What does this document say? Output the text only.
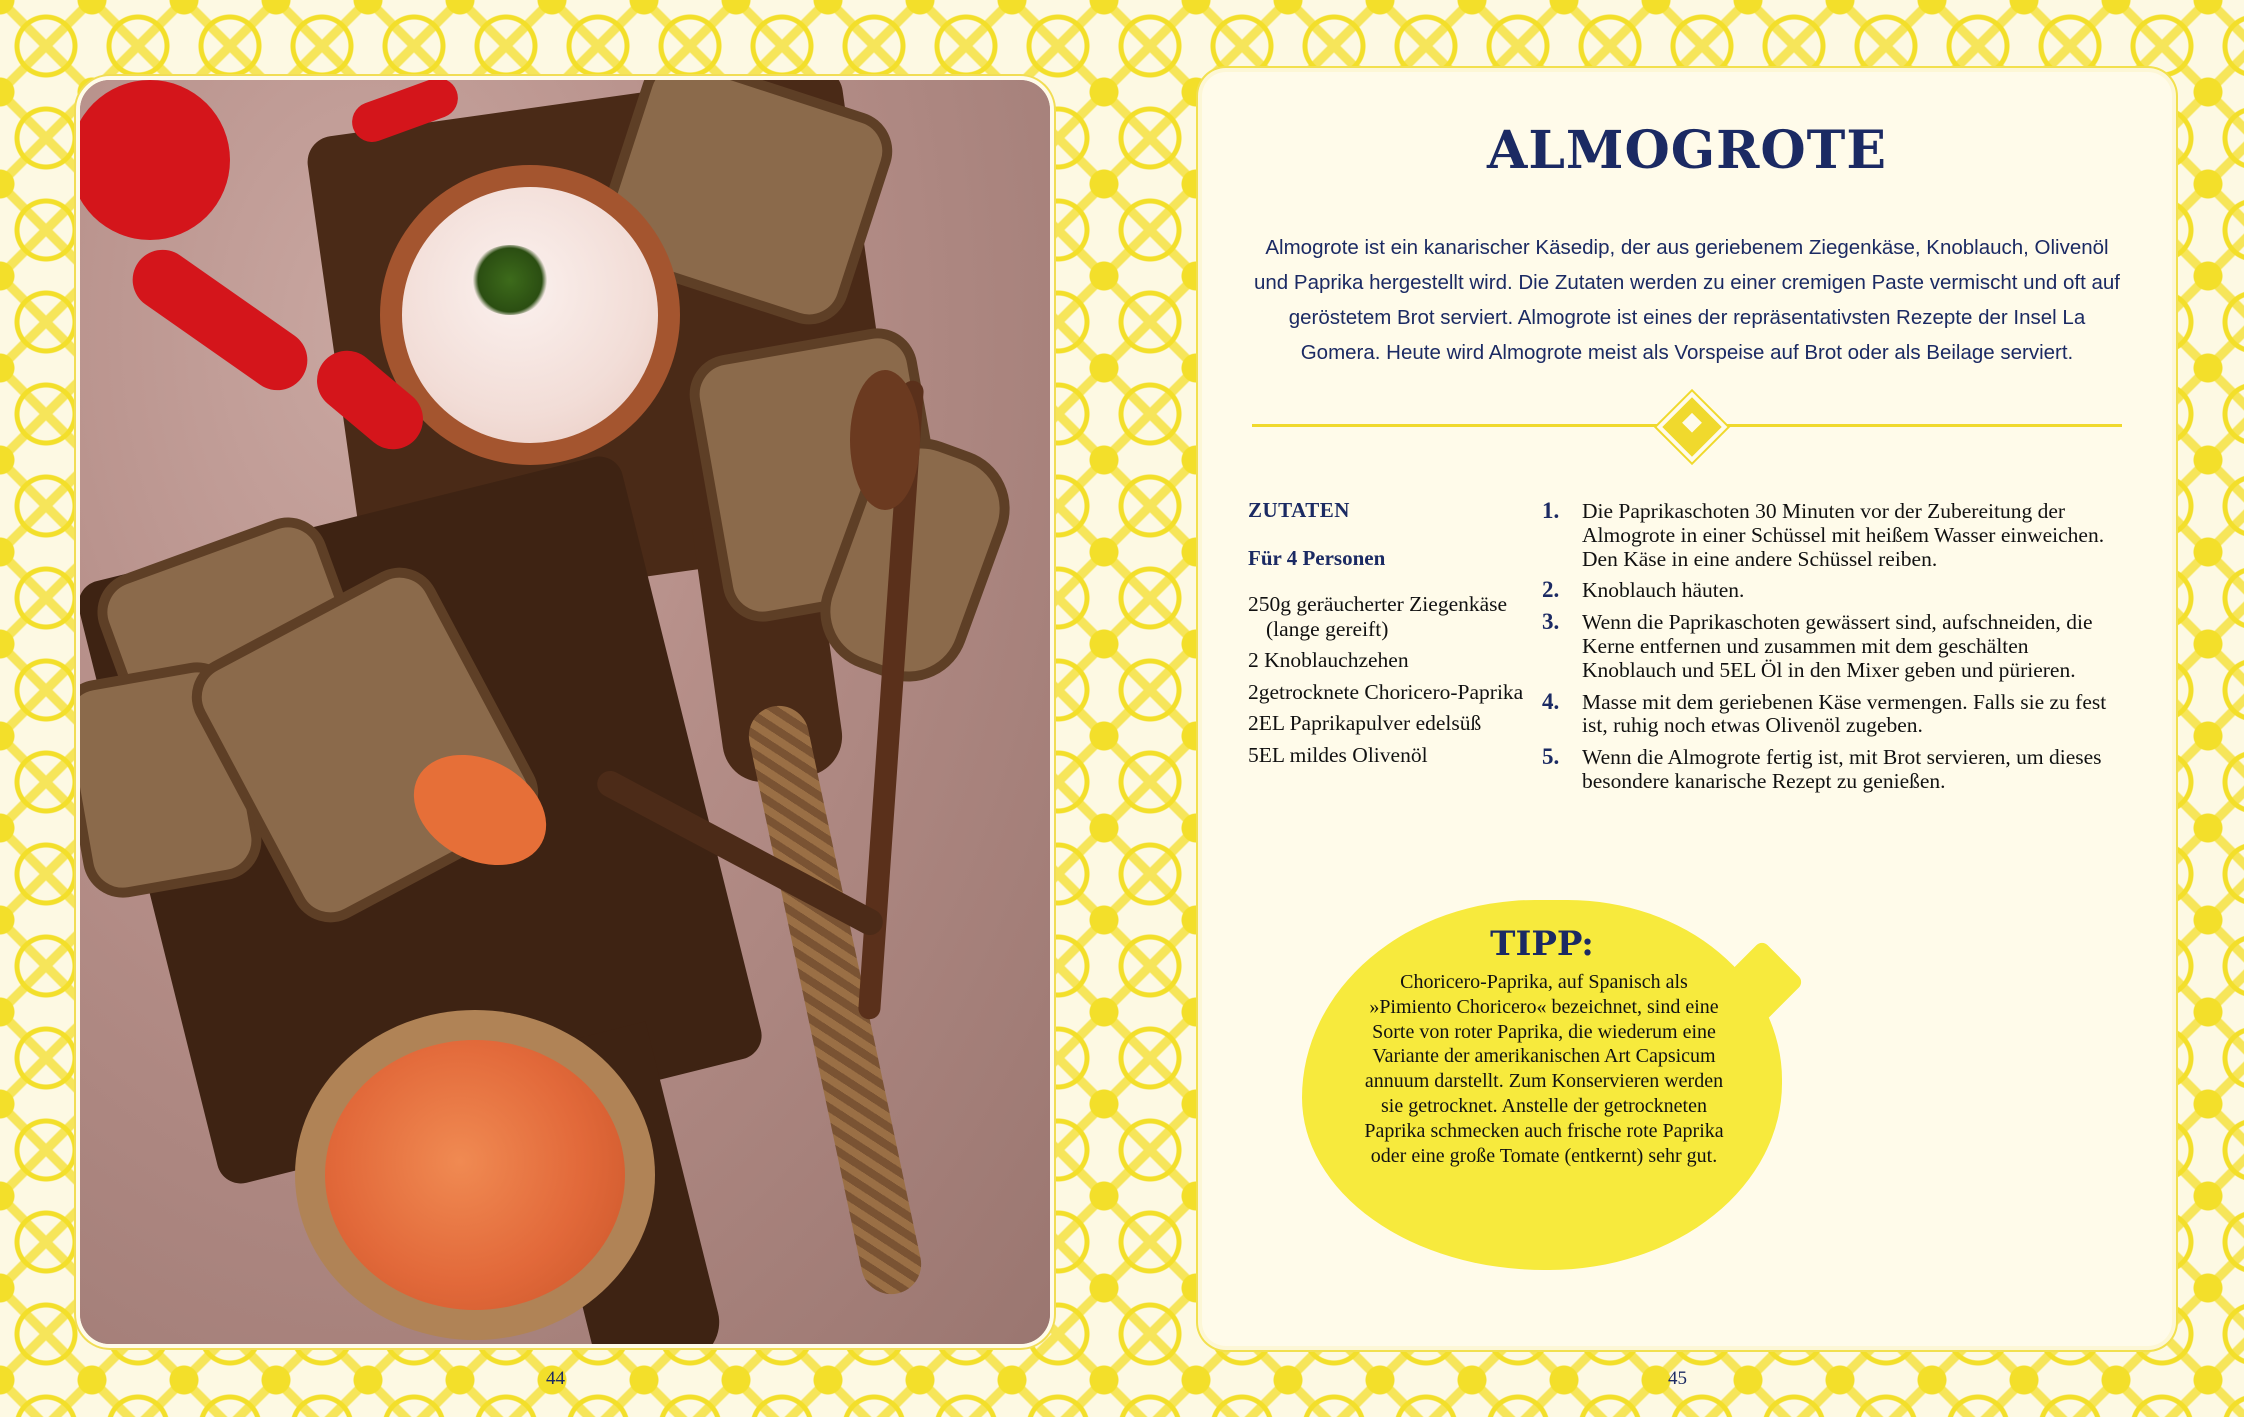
44
ALMOGROTE
Almogrote ist ein kanarischer Käsedip, der aus geriebenem Ziegenkäse, Knoblauch, Olivenöl und Paprika hergestellt wird. Die Zutaten werden zu einer cremigen Paste vermischt und oft auf geröstetem Brot serviert. Almogrote ist eines der repräsentativsten Rezepte der Insel La Gomera. Heute wird Almogrote meist als Vorspeise auf Brot oder als Beilage serviert.
ZUTATEN
Für 4 Personen
250g geräucherter Ziegenkäse (lange gereift)
2 Knoblauchzehen
2getrocknete Choricero-Paprika
2EL Paprikapulver edelsüß
5EL mildes Olivenöl
1. Die Paprikaschoten 30 Minuten vor der Zubereitung der Almogrote in einer Schüssel mit heißem Wasser einweichen. Den Käse in eine andere Schüssel reiben.
2. Knoblauch häuten.
3. Wenn die Paprikaschoten gewässert sind, aufschneiden, die Kerne entfernen und zusammen mit dem geschälten Knoblauch und 5EL Öl in den Mixer geben und pürieren.
4. Masse mit dem geriebenen Käse vermengen. Falls sie zu fest ist, ruhig noch etwas Olivenöl zugeben.
5. Wenn die Almogrote fertig ist, mit Brot servieren, um dieses besondere kanarische Rezept zu genießen.
TIPP:
Choricero-Paprika, auf Spanisch als »Pimiento Choricero« bezeichnet, sind eine Sorte von roter Paprika, die wiederum eine Variante der amerikanischen Art Capsicum annuum darstellt. Zum Konservieren werden sie getrocknet. Anstelle der getrockneten Paprika schmecken auch frische rote Paprika oder eine große Tomate (entkernt) sehr gut.
45
